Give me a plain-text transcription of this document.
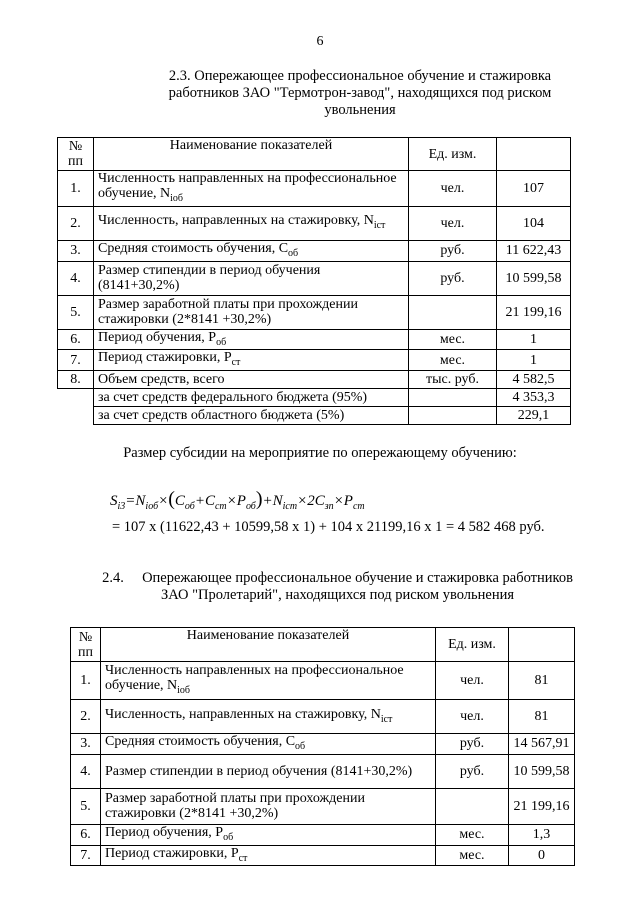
6
2.3. Опережающее профессиональное обучение и стажировка
работников ЗАО "Термотрон-завод", находящихся под риском
увольнения
№ пп	Наименование показателей	Ед. изм.	
1.	Численность направленных на профессиональное обучение, $N_{iоб}$	чел.	107
2.	Численность, направленных на стажировку, $N_{iст}$	чел.	104
3.	Средняя стоимость обучения, $С_{об}$	руб.	11 622,43
4.	Размер стипендии в период обучения (8141+30,2%)	руб.	10 599,58
5.	Размер заработной платы при прохождении стажировки (2*8141 +30,2%)		21 199,16
6.	Период обучения, $Р_{об}$	мес.	1
7.	Период стажировки, $Р_{ст}$	мес.	1
8.	Объем средств, всего	тыс. руб.	4 582,5
	за счет средств федерального бюджета (95%)		4 353,3
	за счет средств областного бюджета (5%)		229,1
Размер субсидии на мероприятие по опережающему обучению:
$S_{i3}=N_{iоб}\times(C_{об}+C_{ст}\times P_{об})+N_{icт}\times 2C_{зп}\times P_{ст}$
= 107 х (11622,43 + 10599,58 х 1) + 104 х 21199,16 х 1 = 4 582 468 руб.
2.4. Опережающее профессиональное обучение и стажировка работников
ЗАО "Пролетарий", находящихся под риском увольнения
№ пп	Наименование показателей	Ед. изм.	
1.	Численность направленных на профессиональное обучение, $N_{iоб}$	чел.	81
2.	Численность, направленных на стажировку, $N_{iст}$	чел.	81
3.	Средняя стоимость обучения, $С_{об}$	руб.	14 567,91
4.	Размер стипендии в период обучения (8141+30,2%)	руб.	10 599,58
5.	Размер заработной платы при прохождении стажировки (2*8141 +30,2%)		21 199,16
6.	Период обучения, $Р_{об}$	мес.	1,3
7.	Период стажировки, $Р_{ст}$	мес.	0
